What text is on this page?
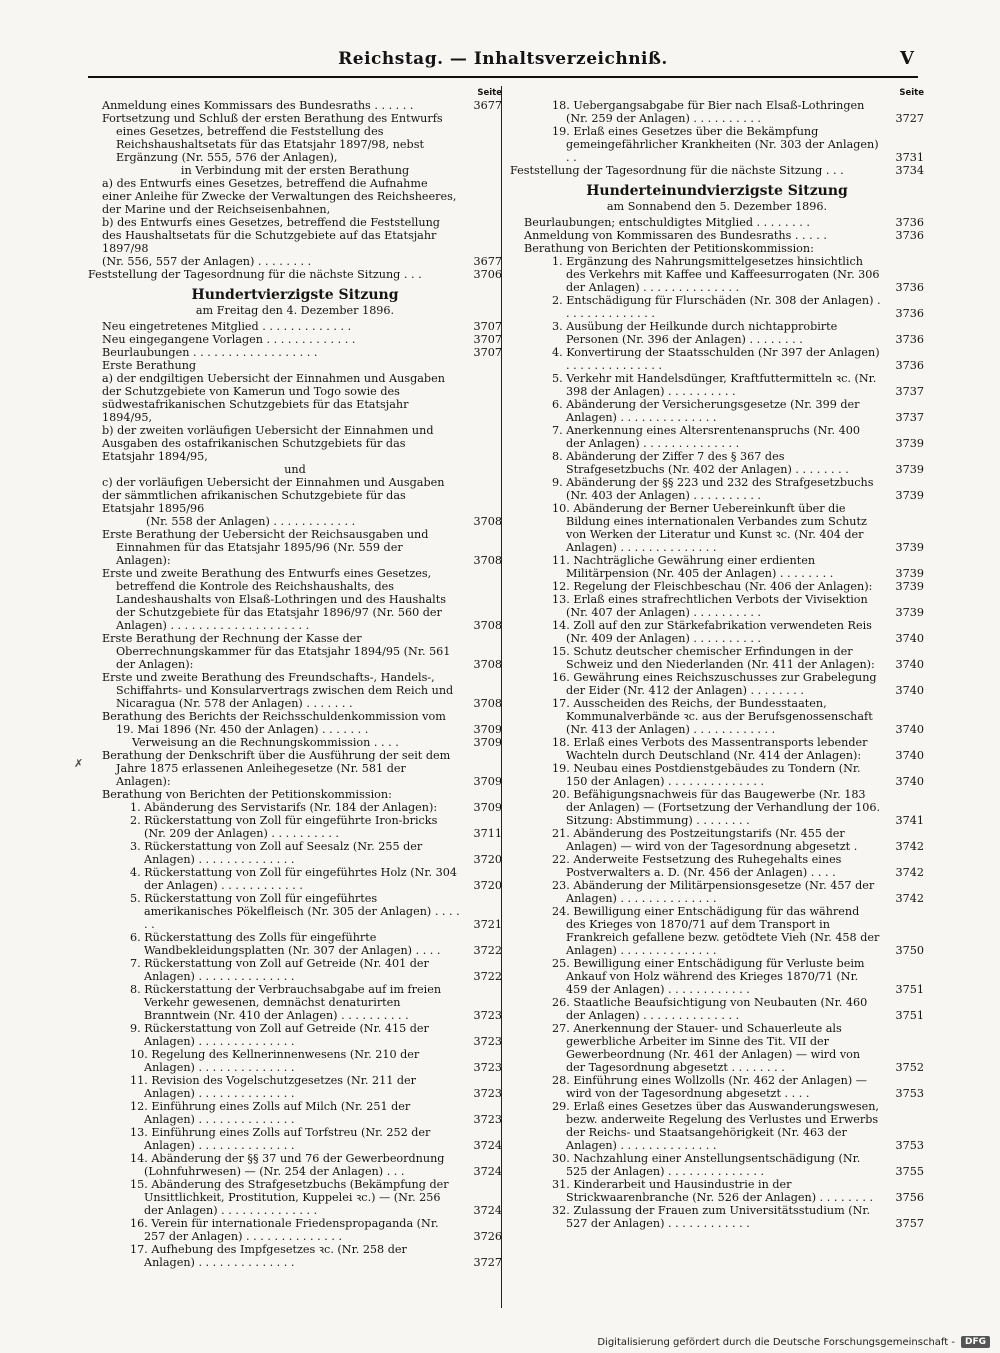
Reichstag. — Inhaltsverzeichniß.	V
✗
Seite
Anmeldung eines Kommissars des Bundesraths . . . . . .	3677
Fortsetzung und Schluß der ersten Berathung des Entwurfs eines Gesetzes, betreffend die Feststellung des Reichshaushaltsetats für das Etatsjahr 1897/98, nebst Ergänzung (Nr. 555, 576 der Anlagen),
in Verbindung mit der ersten Berathung
a) des Entwurfs eines Gesetzes, betreffend die Aufnahme einer Anleihe für Zwecke der Verwaltungen des Reichsheeres, der Marine und der Reichseisenbahnen,
b) des Entwurfs eines Gesetzes, betreffend die Feststellung des Haushaltsetats für die Schutzgebiete auf das Etatsjahr 1897/98
(Nr. 556, 557 der Anlagen) . . . . . . . .	3677
Feststellung der Tagesordnung für die nächste Sitzung . . .	3706
Hundertvierzigste Sitzung
am Freitag den 4. Dezember 1896.
Neu eingetretenes Mitglied . . . . . . . . . . . . .	3707
Neu eingegangene Vorlagen . . . . . . . . . . . . .	3707
Beurlaubungen . . . . . . . . . . . . . . . . . .	3707
Erste Berathung
a) der endgiltigen Uebersicht der Einnahmen und Ausgaben der Schutzgebiete von Kamerun und Togo sowie des südwestafrikanischen Schutzgebiets für das Etatsjahr 1894/95,
b) der zweiten vorläufigen Uebersicht der Einnahmen und Ausgaben des ostafrikanischen Schutzgebiets für das Etatsjahr 1894/95,
und
c) der vorläufigen Uebersicht der Einnahmen und Ausgaben der sämmtlichen afrikanischen Schutzgebiete für das Etatsjahr 1895/96
(Nr. 558 der Anlagen) . . . . . . . . . . . .	3708
Erste Berathung der Uebersicht der Reichsausgaben und Einnahmen für das Etatsjahr 1895/96 (Nr. 559 der Anlagen):	3708
Erste und zweite Berathung des Entwurfs eines Gesetzes, betreffend die Kontrole des Reichshaushalts, des Landeshaushalts von Elsaß-Lothringen und des Haushalts der Schutzgebiete für das Etatsjahr 1896/97 (Nr. 560 der Anlagen) . . . . . . . . . . . . . . . . . . . .	3708
Erste Berathung der Rechnung der Kasse der Oberrechnungskammer für das Etatsjahr 1894/95 (Nr. 561 der Anlagen):	3708
Erste und zweite Berathung des Freundschafts-, Handels-, Schiffahrts- und Konsularvertrags zwischen dem Reich und Nicaragua (Nr. 578 der Anlagen) . . . . . . .	3708
Berathung des Berichts der Reichsschuldenkommission vom 19. Mai 1896 (Nr. 450 der Anlagen) . . . . . . .	3709
Verweisung an die Rechnungskommission . . . .	3709
Berathung der Denkschrift über die Ausführung der seit dem Jahre 1875 erlassenen Anleihegesetze (Nr. 581 der Anlagen):	3709
Berathung von Berichten der Petitionskommission:
1. Abänderung des Servistarifs (Nr. 184 der Anlagen):	3709
2. Rückerstattung von Zoll für eingeführte Iron-bricks (Nr. 209 der Anlagen) . . . . . . . . . .	3711
3. Rückerstattung von Zoll auf Seesalz (Nr. 255 der Anlagen) . . . . . . . . . . . . . .	3720
4. Rückerstattung von Zoll für eingeführtes Holz (Nr. 304 der Anlagen) . . . . . . . . . . . .	3720
5. Rückerstattung von Zoll für eingeführtes amerikanisches Pökelfleisch (Nr. 305 der Anlagen) . . . . . .	3721
6. Rückerstattung des Zolls für eingeführte Wandbekleidungsplatten (Nr. 307 der Anlagen) . . . .	3722
7. Rückerstattung von Zoll auf Getreide (Nr. 401 der Anlagen) . . . . . . . . . . . . . .	3722
8. Rückerstattung der Verbrauchsabgabe auf im freien Verkehr gewesenen, demnächst denaturirten Branntwein (Nr. 410 der Anlagen) . . . . . . . . . .	3723
9. Rückerstattung von Zoll auf Getreide (Nr. 415 der Anlagen) . . . . . . . . . . . . . .	3723
10. Regelung des Kellnerinnenwesens (Nr. 210 der Anlagen) . . . . . . . . . . . . . .	3723
11. Revision des Vogelschutzgesetzes (Nr. 211 der Anlagen) . . . . . . . . . . . . . .	3723
12. Einführung eines Zolls auf Milch (Nr. 251 der Anlagen) . . . . . . . . . . . . . .	3723
13. Einführung eines Zolls auf Torfstreu (Nr. 252 der Anlagen) . . . . . . . . . . . . . .	3724
14. Abänderung der §§ 37 und 76 der Gewerbeordnung (Lohnfuhrwesen) — (Nr. 254 der Anlagen) . . .	3724
15. Abänderung des Strafgesetzbuchs (Bekämpfung der Unsittlichkeit, Prostitution, Kuppelei ꝛc.) — (Nr. 256 der Anlagen) . . . . . . . . . . . . . .	3724
16. Verein für internationale Friedenspropaganda (Nr. 257 der Anlagen) . . . . . . . . . . . . . .	3726
17. Aufhebung des Impfgesetzes ꝛc. (Nr. 258 der Anlagen) . . . . . . . . . . . . . .	3727
Seite
18. Uebergangsabgabe für Bier nach Elsaß-Lothringen (Nr. 259 der Anlagen) . . . . . . . . . .	3727
19. Erlaß eines Gesetzes über die Bekämpfung gemeingefährlicher Krankheiten (Nr. 303 der Anlagen) . .	3731
Feststellung der Tagesordnung für die nächste Sitzung . . .	3734
Hunderteinundvierzigste Sitzung
am Sonnabend den 5. Dezember 1896.
Beurlaubungen; entschuldigtes Mitglied . . . . . . . .	3736
Anmeldung von Kommissaren des Bundesraths . . . . .	3736
Berathung von Berichten der Petitionskommission:
1. Ergänzung des Nahrungsmittelgesetzes hinsichtlich des Verkehrs mit Kaffee und Kaffeesurrogaten (Nr. 306 der Anlagen) . . . . . . . . . . . . . .	3736
2. Entschädigung für Flurschäden (Nr. 308 der Anlagen) . . . . . . . . . . . . . .	3736
3. Ausübung der Heilkunde durch nichtapprobirte Personen (Nr. 396 der Anlagen) . . . . . . . .	3736
4. Konvertirung der Staatsschulden (Nr 397 der Anlagen) . . . . . . . . . . . . . .	3736
5. Verkehr mit Handelsdünger, Kraftfuttermitteln ꝛc. (Nr. 398 der Anlagen) . . . . . . . . . .	3737
6. Abänderung der Versicherungsgesetze (Nr. 399 der Anlagen) . . . . . . . . . . . . . .	3737
7. Anerkennung eines Altersrentenanspruchs (Nr. 400 der Anlagen) . . . . . . . . . . . . . .	3739
8. Abänderung der Ziffer 7 des § 367 des Strafgesetzbuchs (Nr. 402 der Anlagen) . . . . . . . .	3739
9. Abänderung der §§ 223 und 232 des Strafgesetzbuchs (Nr. 403 der Anlagen) . . . . . . . . . .	3739
10. Abänderung der Berner Uebereinkunft über die Bildung eines internationalen Verbandes zum Schutz von Werken der Literatur und Kunst ꝛc. (Nr. 404 der Anlagen) . . . . . . . . . . . . . .	3739
11. Nachträgliche Gewährung einer erdienten Militärpension (Nr. 405 der Anlagen) . . . . . . . .	3739
12. Regelung der Fleischbeschau (Nr. 406 der Anlagen):	3739
13. Erlaß eines strafrechtlichen Verbots der Vivisektion (Nr. 407 der Anlagen) . . . . . . . . . .	3739
14. Zoll auf den zur Stärkefabrikation verwendeten Reis (Nr. 409 der Anlagen) . . . . . . . . . .	3740
15. Schutz deutscher chemischer Erfindungen in der Schweiz und den Niederlanden (Nr. 411 der Anlagen):	3740
16. Gewährung eines Reichszuschusses zur Grabelegung der Eider (Nr. 412 der Anlagen) . . . . . . . .	3740
17. Ausscheiden des Reichs, der Bundesstaaten, Kommunalverbände ꝛc. aus der Berufsgenossenschaft (Nr. 413 der Anlagen) . . . . . . . . . . . .	3740
18. Erlaß eines Verbots des Massentransports lebender Wachteln durch Deutschland (Nr. 414 der Anlagen):	3740
19. Neubau eines Postdienstgebäudes zu Tondern (Nr. 150 der Anlagen) . . . . . . . . . . . . . .	3740
20. Befähigungsnachweis für das Baugewerbe (Nr. 183 der Anlagen) — (Fortsetzung der Verhandlung der 106. Sitzung: Abstimmung) . . . . . . . .	3741
21. Abänderung des Postzeitungstarifs (Nr. 455 der Anlagen) — wird von der Tagesordnung abgesetzt .	3742
22. Anderweite Festsetzung des Ruhegehalts eines Postverwalters a. D. (Nr. 456 der Anlagen) . . . .	3742
23. Abänderung der Militärpensionsgesetze (Nr. 457 der Anlagen) . . . . . . . . . . . . . .	3742
24. Bewilligung einer Entschädigung für das während des Krieges von 1870/71 auf dem Transport in Frankreich gefallene bezw. getödtete Vieh (Nr. 458 der Anlagen) . . . . . . . . . . . . . .	3750
25. Bewilligung einer Entschädigung für Verluste beim Ankauf von Holz während des Krieges 1870/71 (Nr. 459 der Anlagen) . . . . . . . . . . . .	3751
26. Staatliche Beaufsichtigung von Neubauten (Nr. 460 der Anlagen) . . . . . . . . . . . . . .	3751
27. Anerkennung der Stauer- und Schauerleute als gewerbliche Arbeiter im Sinne des Tit. VII der Gewerbeordnung (Nr. 461 der Anlagen) — wird von der Tagesordnung abgesetzt . . . . . . . .	3752
28. Einführung eines Wollzolls (Nr. 462 der Anlagen) — wird von der Tagesordnung abgesetzt . . . .	3753
29. Erlaß eines Gesetzes über das Auswanderungswesen, bezw. anderweite Regelung des Verlustes und Erwerbs der Reichs- und Staatsangehörigkeit (Nr. 463 der Anlagen) . . . . . . . . . . . . . .	3753
30. Nachzahlung einer Anstellungsentschädigung (Nr. 525 der Anlagen) . . . . . . . . . . . . . .	3755
31. Kinderarbeit und Hausindustrie in der Strickwaarenbranche (Nr. 526 der Anlagen) . . . . . . . .	3756
32. Zulassung der Frauen zum Universitätsstudium (Nr. 527 der Anlagen) . . . . . . . . . . . .	3757
Digitalisierung gefördert durch die Deutsche Forschungsgemeinschaft -	DFG
